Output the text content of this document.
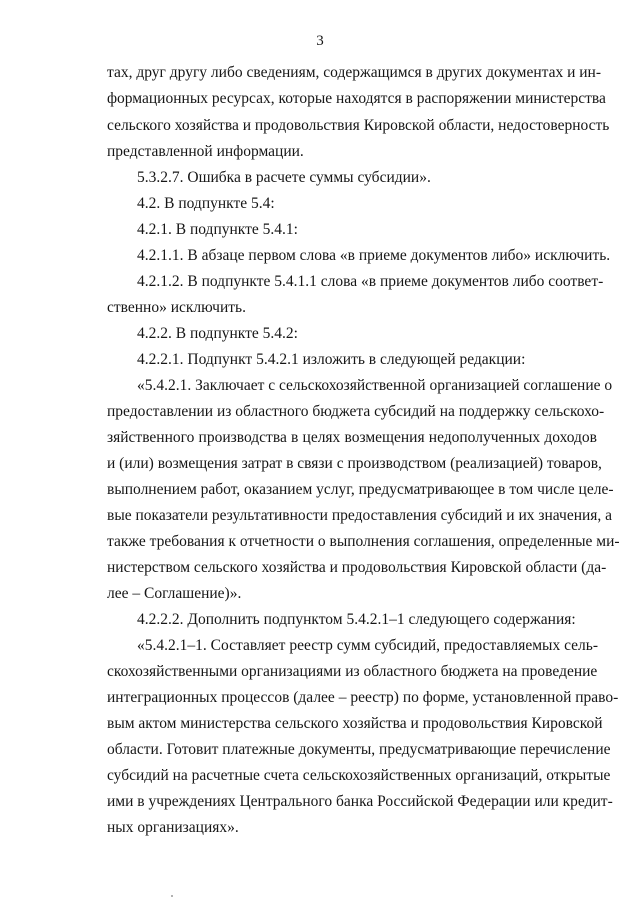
3
тах, друг другу либо сведениям, содержащимся в других документах и ин-
формационных ресурсах, которые находятся в распоряжении министерства
сельского хозяйства и продовольствия Кировской области, недостоверность
представленной информации.
5.3.2.7. Ошибка в расчете суммы субсидии».
4.2. В подпункте 5.4:
4.2.1. В подпункте 5.4.1:
4.2.1.1. В абзаце первом слова «в приеме документов либо» исключить.
4.2.1.2. В подпункте 5.4.1.1 слова «в приеме документов либо соответ-
ственно» исключить.
4.2.2. В подпункте 5.4.2:
4.2.2.1. Подпункт 5.4.2.1 изложить в следующей редакции:
«5.4.2.1. Заключает с сельскохозяйственной организацией соглашение о
предоставлении из областного бюджета субсидий на поддержку сельскохо-
зяйственного производства в целях возмещения недополученных доходов
и (или) возмещения затрат в связи с производством (реализацией) товаров,
выполнением работ, оказанием услуг, предусматривающее в том числе целе-
вые показатели результативности предоставления субсидий и их значения, а
также требования к отчетности о выполнения соглашения, определенные ми-
нистерством сельского хозяйства и продовольствия Кировской области (да-
лее – Соглашение)».
4.2.2.2. Дополнить подпунктом 5.4.2.1–1 следующего содержания:
«5.4.2.1–1. Составляет реестр сумм субсидий, предоставляемых сель-
скохозяйственными организациями из областного бюджета на проведение
интеграционных процессов (далее – реестр) по форме, установленной право-
вым актом министерства сельского хозяйства и продовольствия Кировской
области. Готовит платежные документы, предусматривающие перечисление
субсидий на расчетные счета сельскохозяйственных организаций, открытые
ими в учреждениях Центрального банка Российской Федерации или кредит-
ных организациях».
